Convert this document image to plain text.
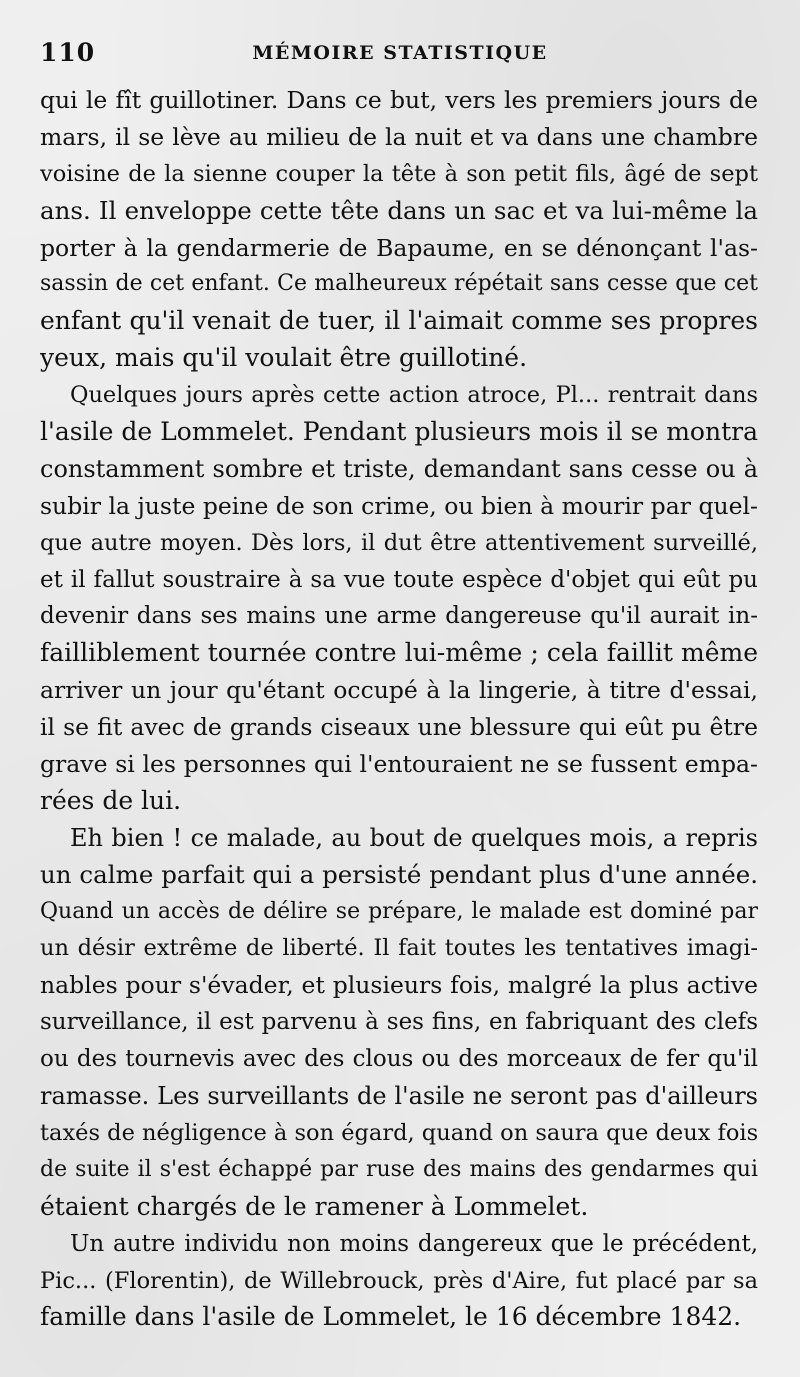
110	MÉMOIRE STATISTIQUE
qui le fît guillotiner. Dans ce but, vers les premiers jours de
mars, il se lève au milieu de la nuit et va dans une chambre
voisine de la sienne couper la tête à son petit fils, âgé de sept
ans. Il enveloppe cette tête dans un sac et va lui-même la
porter à la gendarmerie de Bapaume, en se dénonçant l'as-
sassin de cet enfant. Ce malheureux répétait sans cesse que cet
enfant qu'il venait de tuer, il l'aimait comme ses propres
yeux, mais qu'il voulait être guillotiné.
Quelques jours après cette action atroce, Pl... rentrait dans
l'asile de Lommelet. Pendant plusieurs mois il se montra
constamment sombre et triste, demandant sans cesse ou à
subir la juste peine de son crime, ou bien à mourir par quel-
que autre moyen. Dès lors, il dut être attentivement surveillé,
et il fallut soustraire à sa vue toute espèce d'objet qui eût pu
devenir dans ses mains une arme dangereuse qu'il aurait in-
failliblement tournée contre lui-même ; cela faillit même
arriver un jour qu'étant occupé à la lingerie, à titre d'essai,
il se fit avec de grands ciseaux une blessure qui eût pu être
grave si les personnes qui l'entouraient ne se fussent empa-
rées de lui.
Eh bien ! ce malade, au bout de quelques mois, a repris
un calme parfait qui a persisté pendant plus d'une année.
Quand un accès de délire se prépare, le malade est dominé par
un désir extrême de liberté. Il fait toutes les tentatives imagi-
nables pour s'évader, et plusieurs fois, malgré la plus active
surveillance, il est parvenu à ses fins, en fabriquant des clefs
ou des tournevis avec des clous ou des morceaux de fer qu'il
ramasse. Les surveillants de l'asile ne seront pas d'ailleurs
taxés de négligence à son égard, quand on saura que deux fois
de suite il s'est échappé par ruse des mains des gendarmes qui
étaient chargés de le ramener à Lommelet.
Un autre individu non moins dangereux que le précédent,
Pic... (Florentin), de Willebrouck, près d'Aire, fut placé par sa
famille dans l'asile de Lommelet, le 16 décembre 1842.
